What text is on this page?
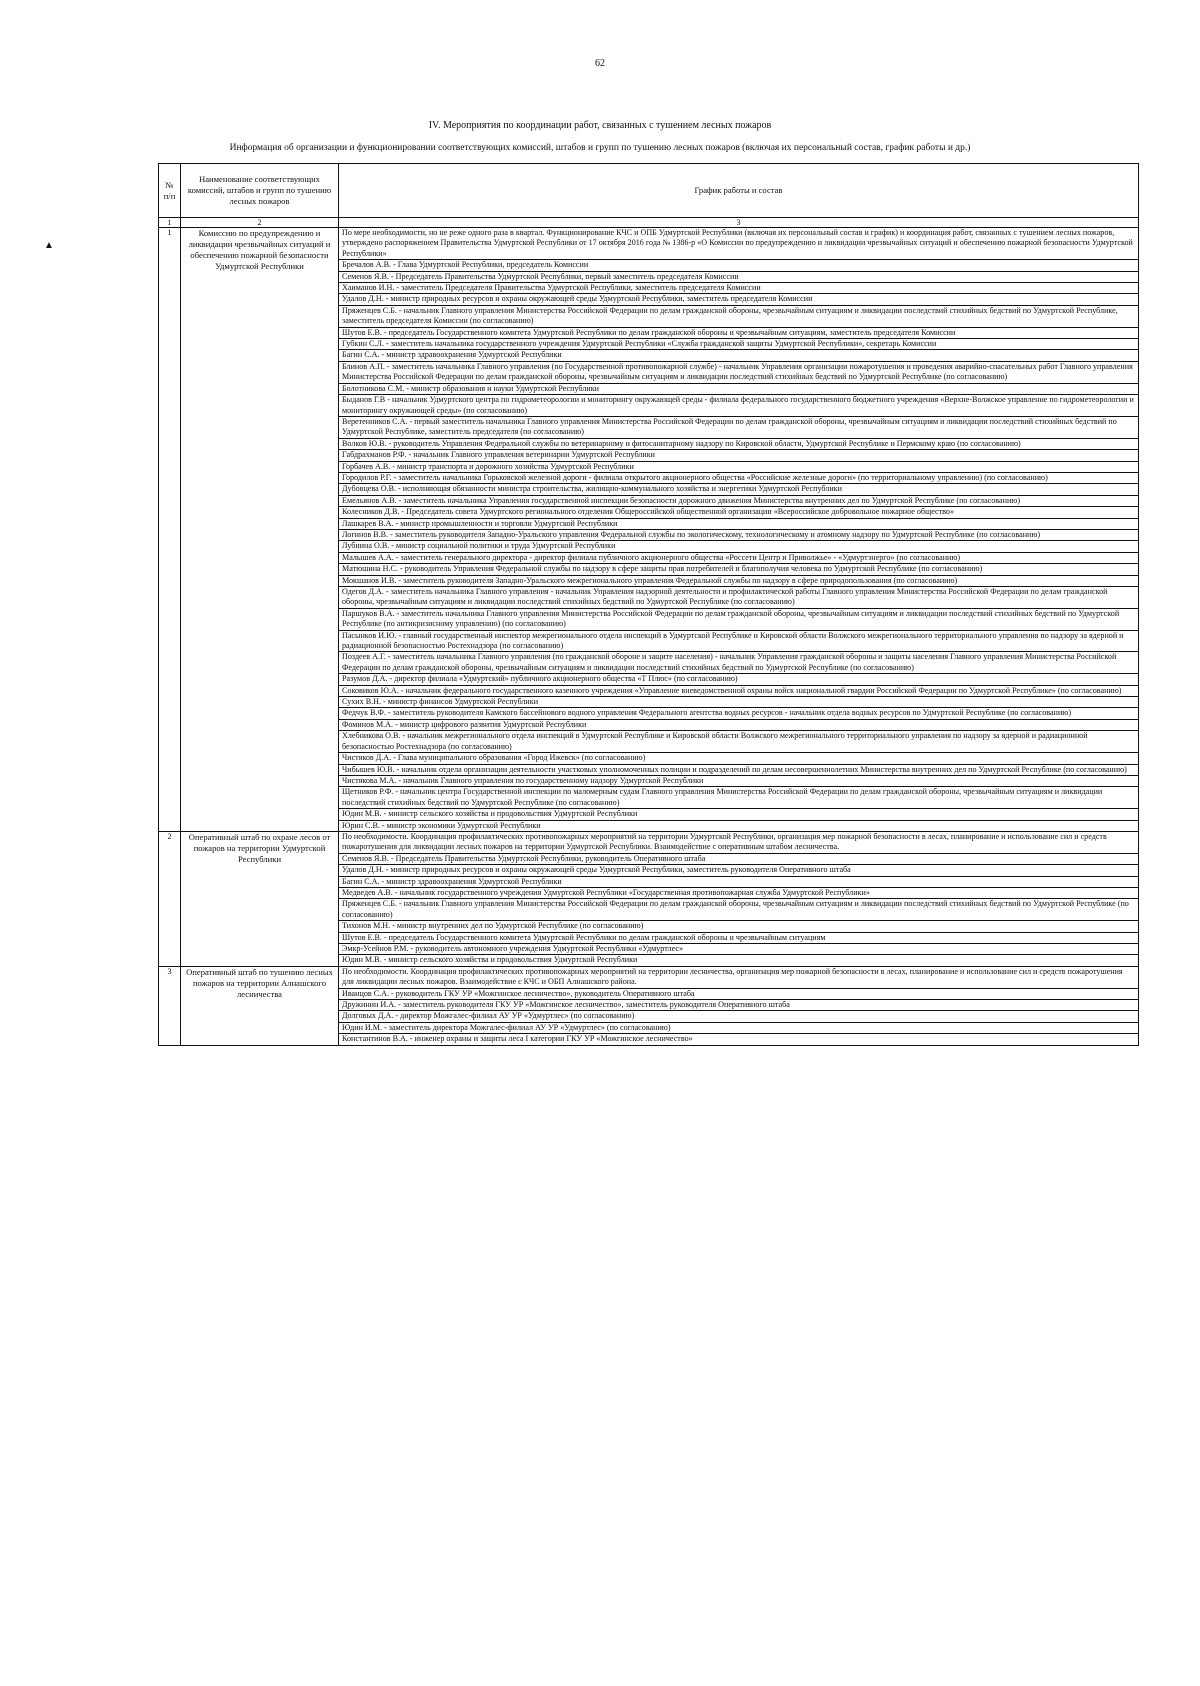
62
IV. Мероприятия по координации работ, связанных с тушением лесных пожаров
Информация об организации и функционировании соответствующих комиссий, штабов и групп по тушению лесных пожаров (включая их персональный состав, график работы и др.)
▲
№ п/п	Наименование соответствующих комиссий, штабов и групп по тушению лесных пожаров	График работы и состав
1	2	3
1	Комиссию по предупреждению и ликвидации чрезвычайных ситуаций и обеспечению пожарной безопасности Удмуртской Республики	По мере необходимости, но не реже одного раза в квартал. Функционирование КЧС и ОПБ Удмуртской Республики (включая их персональный состав и график) и координация работ, связанных с тушением лесных пожаров, утверждено распоряжением Правительства Удмуртской Республики от 17 октября 2016 года № 1386-р «О Комиссии по предупреждению и ликвидации чрезвычайных ситуаций и обеспечению пожарной безопасности Удмуртской Республики»
		Бречалов А.В. - Глава Удмуртской Республики, председатель Комиссии
		Семенов Я.В. - Председатель Правительства Удмуртской Республики, первый заместитель председателя Комиссии
		Хаиманов И.Н. - заместитель Председателя Правительства Удмуртской Республики, заместитель председателя Комиссии
		Удалов Д.Н. - министр природных ресурсов и охраны окружающей среды Удмуртской Республики, заместитель председателя Комиссии
		Пряженцев С.Б. - начальник Главного управления Министерства Российской Федерации по делам гражданской обороны, чрезвычайным ситуациям и ликвидации последствий стихийных бедствий по Удмуртской Республике, заместитель председателя Комиссии (по согласованию)
		Шутов Е.В. - председатель Государственного комитета Удмуртской Республики по делам гражданской обороны и чрезвычайным ситуациям, заместитель председателя Комиссии
		Губкин С.Л. - заместитель начальника государственного учреждения Удмуртской Республики «Служба гражданской защиты Удмуртской Республики», секретарь Комиссии
		Багин С.А. - министр здравоохранения Удмуртской Республики
		Блинов А.П. - заместитель начальника Главного управления (по Государственной противопожарной службе) - начальник Управления организации пожаротушения и проведения аварийно-спасательных работ Главного управления Министерства Российской Федерации по делам гражданской обороны, чрезвычайным ситуациям и ликвидации последствий стихийных бедствий по Удмуртской Республике (по согласованию)
		Болотникова С.М. - министр образования и науки Удмуртской Республики
		Быданов Г.В - начальник Удмуртского центра по гидрометеорологии и мониторингу окружающей среды - филиала федерального государственного бюджетного учреждения «Верхне-Волжское управление по гидрометеорологии и мониторингу окружающей среды» (по согласованию)
		Веретенников С.А. - первый заместитель начальника Главного управления Министерства Российской Федерации по делам гражданской обороны, чрезвычайным ситуациям и ликвидации последствий стихийных бедствий по Удмуртской Республике, заместитель председателя (по согласованию)
		Волков Ю.В. - руководитель Управления Федеральной службы по ветеринарному и фитосанитарному надзору по Кировской области, Удмуртской Республике и Пермскому краю (по согласованию)
		Габдрахманов Р.Ф. - начальник Главного управления ветеринарии Удмуртской Республики
		Горбачев А.В. - министр транспорта и дорожного хозяйства Удмуртской Республики
		Городилов Р.Г. - заместитель начальника Горьковской железной дороги - филиала открытого акционерного общества «Российские железные дороги» (по территориальному управлению) (по согласованию)
		Дубовцева О.В. - исполняющая обязанности министра строительства, жилищно-коммунального хозяйства и энергетики Удмуртской Республики
		Емельянов А.В. - заместитель начальника Управления государственной инспекции безопасности дорожного движения Министерства внутренних дел по Удмуртской Республике (по согласованию)
		Колесников Д.В. - Председатель совета Удмуртского регионального отделения Общероссийской общественной организации «Всероссийское добровольное пожарное общество»
		Лашкарев В.А. - министр промышленности и торговли Удмуртской Республики
		Логинов В.В. - заместитель руководителя Западно-Уральского управления Федеральной службы по экологическому, технологическому и атомному надзору по Удмуртской Республике (по согласованию)
		Лубнина О.В. - министр социальной политики и труда Удмуртской Республики
		Малышев А.А. - заместитель генерального директора - директор филиала публичного акционерного общества «Россети Центр и Приволжье» - «Удмуртэнерго» (по согласованию)
		Матюшина Н.С. - руководитель Управления Федеральной службы по надзору в сфере защиты прав потребителей и благополучия человека по Удмуртской Республике (по согласованию)
		Мокшанов И.В. - заместитель руководителя Западно-Уральского межрегионального управления Федеральной службы по надзору в сфере природопользования (по согласованию)
		Одегов Д.А. - заместитель начальника Главного управления - начальник Управления надзорной деятельности и профилактической работы Главного управления Министерства Российской Федерации по делам гражданской обороны, чрезвычайным ситуациям и ликвидации последствий стихийных бедствий по Удмуртской Республике (по согласованию)
		Паршуков В.А. - заместитель начальника Главного управления Министерства Российской Федерации по делам гражданской обороны, чрезвычайным ситуациям и ликвидации последствий стихийных бедствий по Удмуртской Республике (по антикризисному управлению) (по согласованию)
		Пасынков И.Ю. - главный государственный инспектор межрегионального отдела инспекций в Удмуртской Республике и Кировской области Волжского межрегионального территориального управления по надзору за ядерной и радиационной безопасностью Ростехнадзора (по согласованию)
		Поздеев А.Г. - заместитель начальника Главного управления (по гражданской обороне и защите населения) - начальник Управления гражданской обороны и защиты населения Главного управления Министерства Российской Федерации по делам гражданской обороны, чрезвычайным ситуациям и ликвидации последствий стихийных бедствий по Удмуртской Республике (по согласованию)
		Разумов Д.А. - директор филиала «Удмуртский» публичного акционерного общества «Т Плюс» (по согласованию)
		Соковиков Ю.А. - начальник федерального государственного казенного учреждения «Управление вневедомственной охраны войск национальной гвардии Российской Федерации по Удмуртской Республике» (по согласованию)
		Сухих В.Н. - министр финансов Удмуртской Республики
		Федчук В.Ф. - заместитель руководителя Камского бассейнового водного управления Федерального агентства водных ресурсов - начальник отдела водных ресурсов по Удмуртской Республике (по согласованию)
		Фоминов М.А. - министр цифрового развития Удмуртской Республики
		Хлебникова О.В. - начальник межрегионального отдела инспекций в Удмуртской Республике и Кировской области Волжского межрегионального территориального управления по надзору за ядерной и радиационной безопасностью Ростехнадзора (по согласованию)
		Чистяков Д.А. - Глава муниципального образования «Город Ижевск» (по согласованию)
		Чибышев Ю.В. - начальник отдела организации деятельности участковых уполномоченных полиции и подразделений по делам несовершеннолетних Министерства внутренних дел по Удмуртской Республике (по согласованию)
		Чистякова М.А. - начальник Главного управления по государственному надзору Удмуртской Республики
		Щетников Р.Ф. - начальник центра Государственной инспекции по маломерным судам Главного управления Министерства Российской Федерации по делам гражданской обороны, чрезвычайным ситуациям и ликвидации последствий стихийных бедствий по Удмуртской Республике (по согласованию)
		Юдин М.В. - министр сельского хозяйства и продовольствия Удмуртской Республики
		Юрин С.В. - министр экономики Удмуртской Республики
2	Оперативный штаб по охране лесов от пожаров на территории Удмуртской Республики	По необходимости. Координация профилактических противопожарных мероприятий на территории Удмуртской Республики, организация мер пожарной безопасности в лесах, планирование и использование сил и средств пожаротушения для ликвидации лесных пожаров на территории Удмуртской Республики. Взаимодействие с оперативным штабом лесничества.
		Семенов Я.В. - Председатель Правительства Удмуртской Республики, руководитель Оперативного штаба
		Удалов Д.Н. - министр природных ресурсов и охраны окружающей среды Удмуртской Республики, заместитель руководителя Оперативного штаба
		Багин С.А. - министр здравоохранения Удмуртской Республики
		Медведев А.В. - начальник государственного учреждения Удмуртской Республики «Государственная противопожарная служба Удмуртской Республики»
		Пряженцев С.Б. - начальник Главного управления Министерства Российской Федерации по делам гражданской обороны, чрезвычайным ситуациям и ликвидации последствий стихийных бедствий по Удмуртской Республике (по согласованию)
		Тихонов М.Н. - министр внутренних дел по Удмуртской Республике (по согласованию)
		Шутов Е.В. - председатель Государственного комитета Удмуртской Республики по делам гражданской обороны и чрезвычайным ситуациям
		Эмкр-Усейнов Р.М. - руководитель автономного учреждения Удмуртской Республики «Удмуртлес»
		Юдин М.В. - министр сельского хозяйства и продовольствия Удмуртской Республики
3	Оперативный штаб по тушению лесных пожаров на территории Алнашского лесничества	По необходимости. Координация профилактических противопожарных мероприятий на территории лесничества, организация мер пожарной безопасности в лесах, планирование и использование сил и средств пожаротушения для ликвидации лесных пожаров. Взаимодействие с КЧС и ОБП Алнашского района.
		Иванцов С.А. - руководитель ГКУ УР «Можгинское лесничество», руководитель Оперативного штаба
		Дружинин И.А. - заместитель руководителя ГКУ УР «Можгинское лесничество», заместитель руководителя Оперативного штаба
		Долговых Д.А. - директор Можгалес-филиал АУ УР «Удмуртлес» (по согласованию)
		Юдин И.М. - заместитель директора Можгалес-филиал АУ УР «Удмуртлес» (по согласованию)
		Константинов В.А. - инженер охраны и защиты леса I категории ГКУ УР «Можгинское лесничество»
